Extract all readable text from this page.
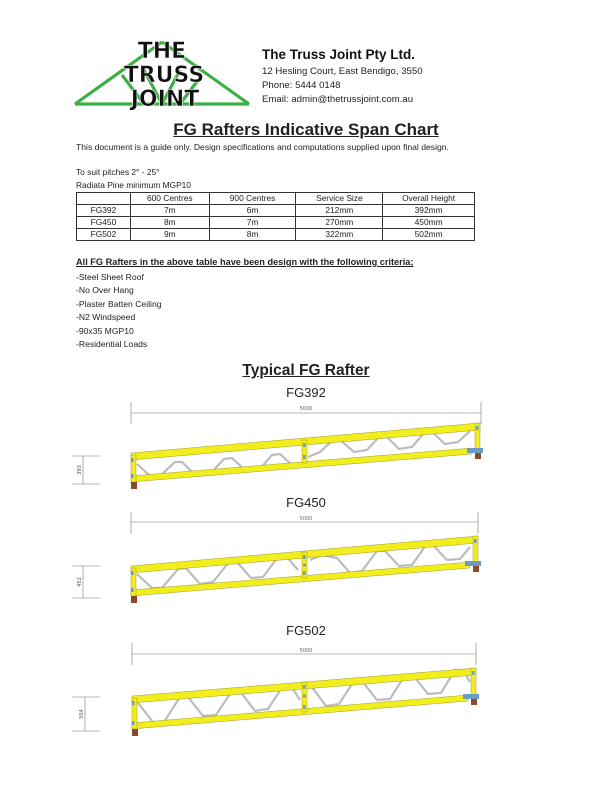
THE
TRUSS
JOINT
The Truss Joint Pty Ltd.
12 Hesling Court, East Bendigo, 3550
Phone: 5444 0148
Email: admin@thetrussjoint.com.au
FG Rafters Indicative Span Chart
This document is a guide only. Design specifications and computations supplied upon final design.
To suit pitches 2° - 25°
Radiata Pine minimum MGP10
	600 Centres	900 Centres	Service Size	Overall Height
FG392	7m	6m	212mm	392mm
FG450	8m	7m	270mm	450mm
FG502	9m	8m	322mm	502mm
All FG Rafters in the above table have been design with the following criteria;
-Steel Sheet Roof
-No Over Hang
-Plaster Batten Ceiling
-N2 Windspeed
-90x35 MGP10
-Residential Loads
Typical FG Rafter
FG392
FG450
FG502
5000
393
5000
452
5000
504
